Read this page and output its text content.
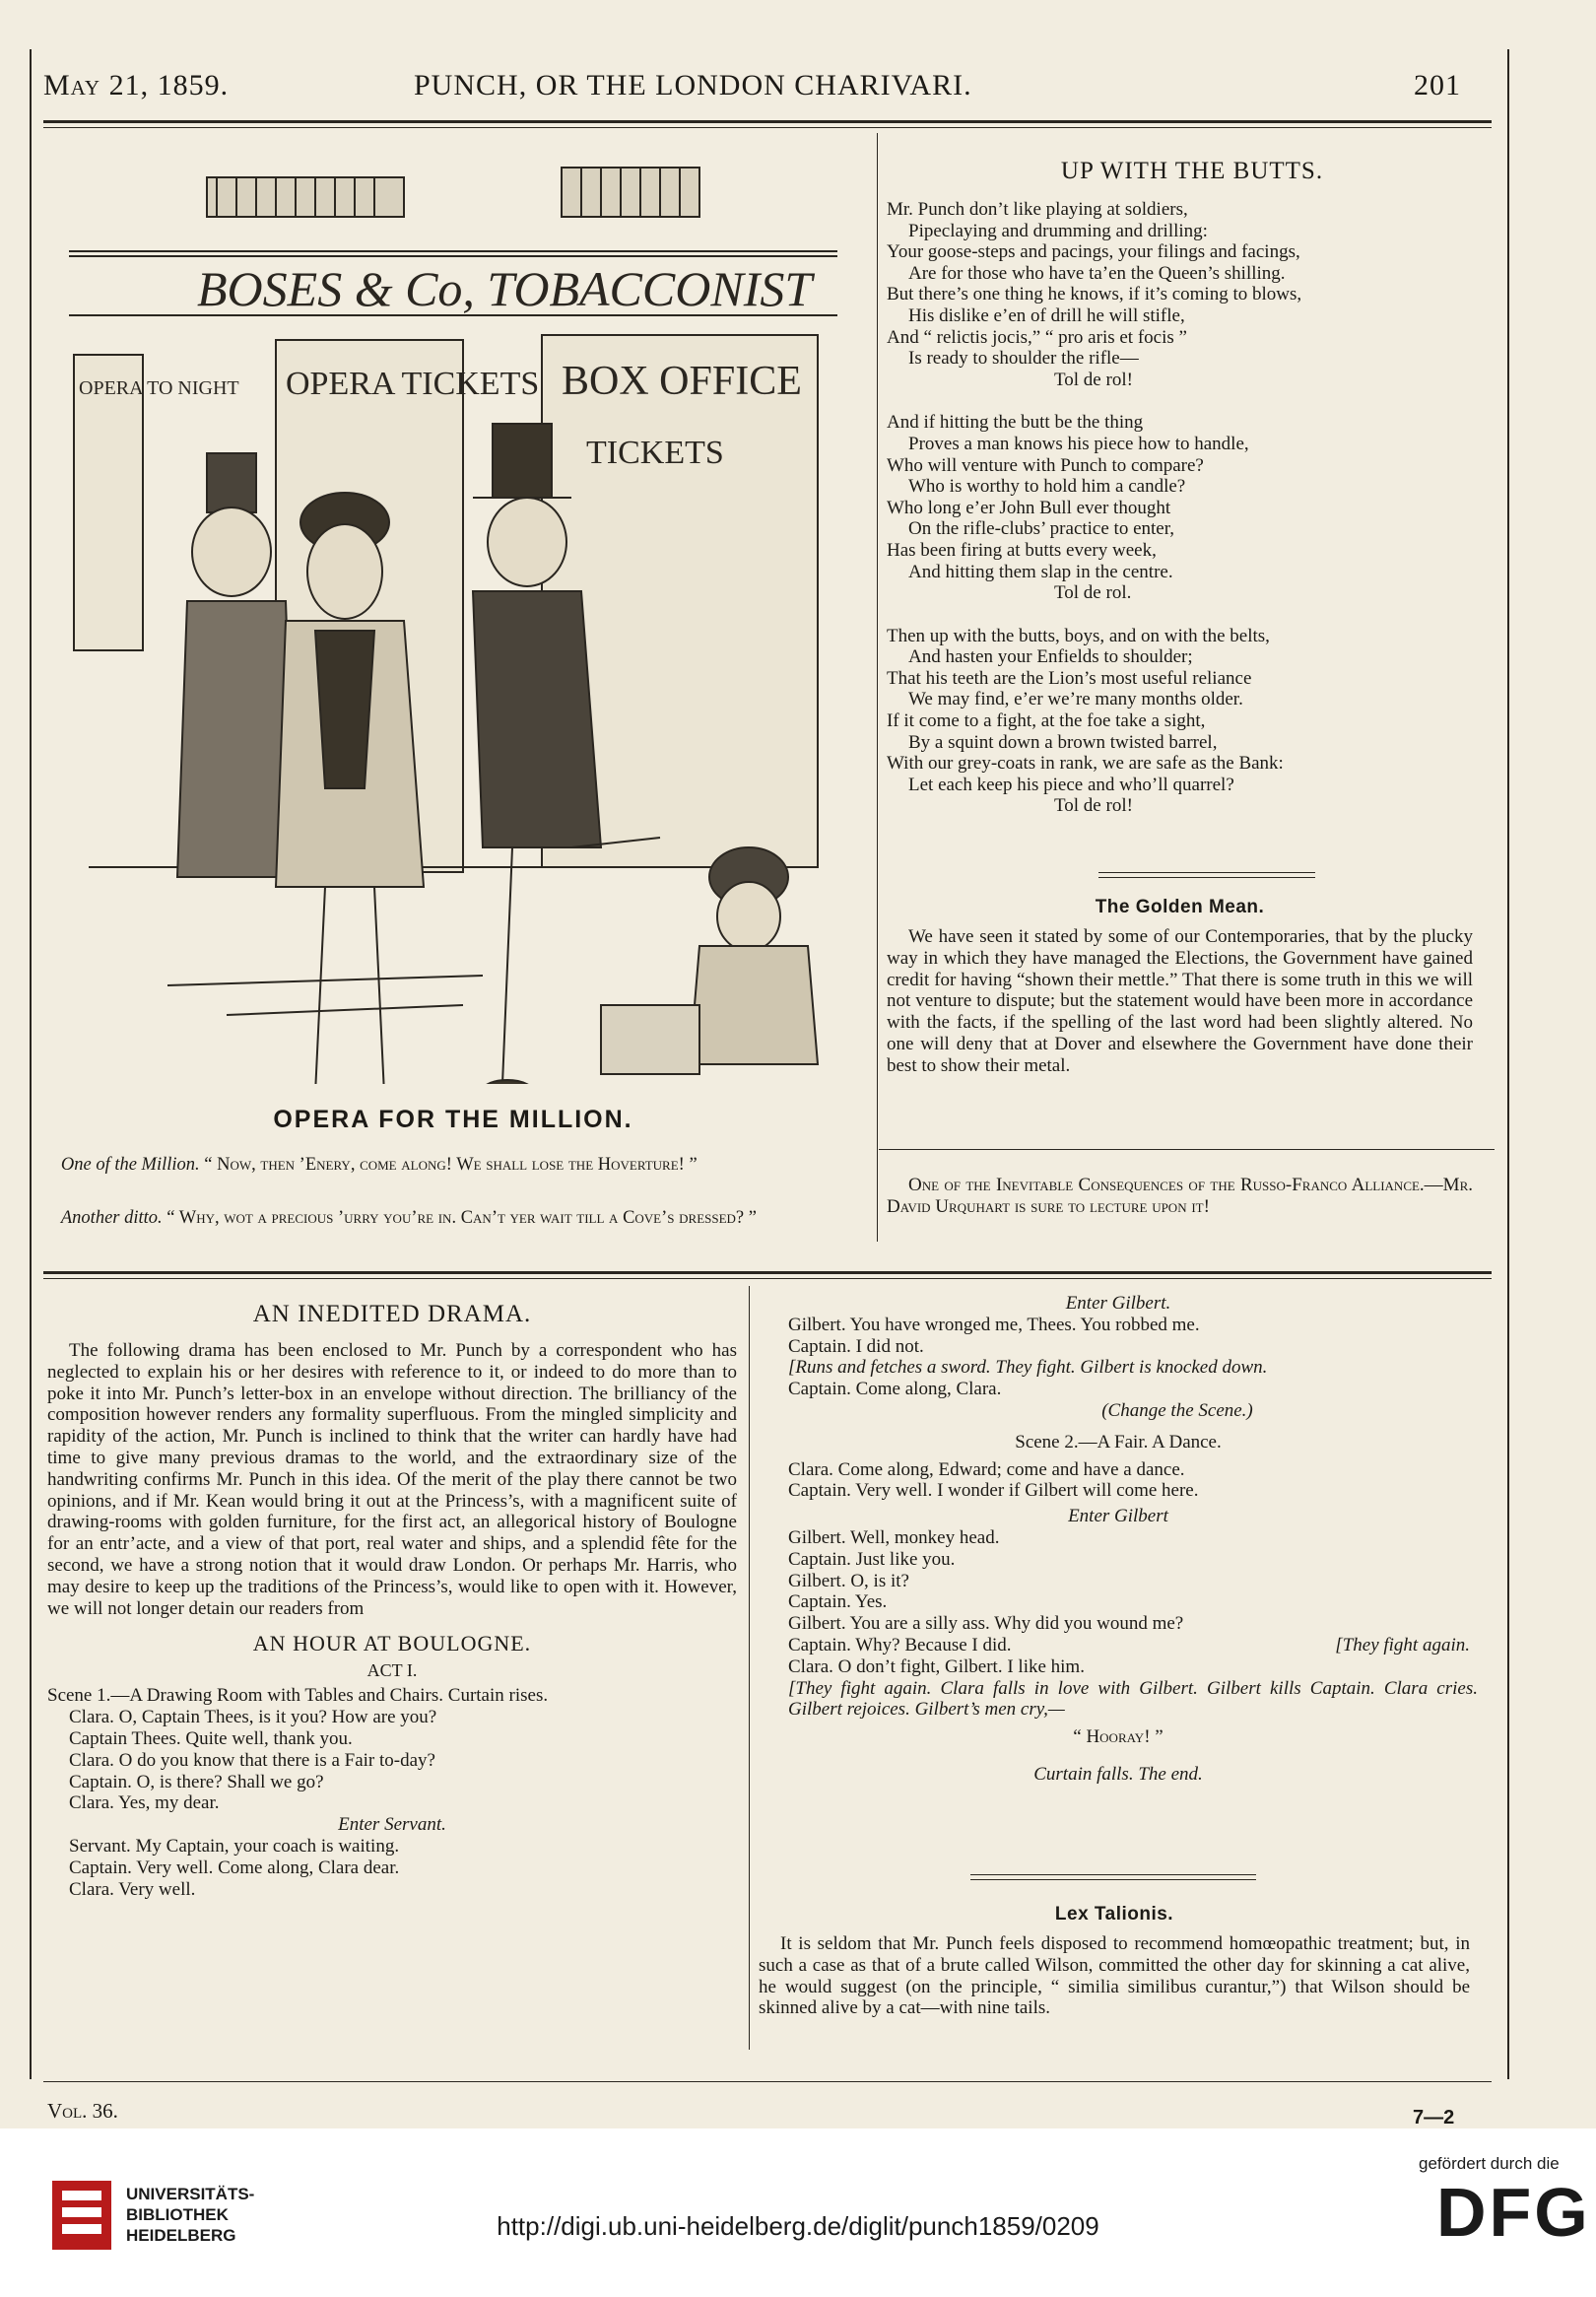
May 21, 1859.	PUNCH, OR THE LONDON CHARIVARI.	201
BOSES & Co, TOBACCONIST
OPERA TO NIGHT OPERA TICKETS BOX OFFICE
TICKETS
OPERA FOR THE MILLION.
One of the Million. “ Now, then ’Enery, come along! We shall lose the Hoverture! ”
Another ditto. “ Why, wot a precious ’urry you’re in. Can’t yer wait till a Cove’s dressed? ”
UP WITH THE BUTTS.

Mr. Punch don’t like playing at soldiers,

Pipeclaying and drumming and drilling:

Your goose-steps and pacings, your filings and facings,

Are for those who have ta’en the Queen’s shilling.

But there’s one thing he knows, if it’s coming to blows,

His dislike e’en of drill he will stifle,

And “ relictis jocis,” “ pro aris et focis ”

Is ready to shoulder the rifle—

Tol de rol!

And if hitting the butt be the thing

Proves a man knows his piece how to handle,

Who will venture with Punch to compare?

Who is worthy to hold him a candle?

Who long e’er John Bull ever thought

On the rifle-clubs’ practice to enter,

Has been firing at butts every week,

And hitting them slap in the centre.

Tol de rol.

Then up with the butts, boys, and on with the belts,

And hasten your Enfields to shoulder;

That his teeth are the Lion’s most useful reliance

We may find, e’er we’re many months older.

If it come to a fight, at the foe take a sight,

By a squint down a brown twisted barrel,

With our grey-coats in rank, we are safe as the Bank:

Let each keep his piece and who’ll quarrel?

Tol de rol!

The Golden Mean.

We have seen it stated by some of our Contemporaries, that by the plucky way in which they have managed the Elections, the Government have gained credit for having “shown their mettle.” That there is some truth in this we will not venture to dispute; but the statement would have been more in accordance with the facts, if the spelling of the last word had been slightly altered. No one will deny that at Dover and elsewhere the Government have done their best to show their metal.

One of the Inevitable Consequences of the Russo-Franco Alliance.—Mr. David Urquhart is sure to lecture upon it!
AN INEDITED DRAMA.

The following drama has been enclosed to Mr. Punch by a correspondent who has neglected to explain his or her desires with reference to it, or indeed to do more than to poke it into Mr. Punch’s letter-box in an envelope without direction. The brilliancy of the composition however renders any formality superfluous. From the mingled simplicity and rapidity of the action, Mr. Punch is inclined to think that the writer can hardly have had time to give many previous dramas to the world, and the extraordinary size of the handwriting confirms Mr. Punch in this idea. Of the merit of the play there cannot be two opinions, and if Mr. Kean would bring it out at the Princess’s, with a magnificent suite of drawing-rooms with golden furniture, for the first act, an allegorical history of Boulogne for an entr’acte, and a view of that port, real water and ships, and a splendid fête for the second, we have a strong notion that it would draw London. Or perhaps Mr. Harris, who may desire to keep up the traditions of the Princess’s, would like to open with it. However, we will not longer detain our readers from

AN HOUR AT BOULOGNE.
ACT I.

Scene 1.—A Drawing Room with Tables and Chairs. Curtain rises.

Clara. O, Captain Thees, is it you? How are you?

Captain Thees. Quite well, thank you.

Clara. O do you know that there is a Fair to-day?

Captain. O, is there? Shall we go?

Clara. Yes, my dear.

Enter Servant.

Servant. My Captain, your coach is waiting.

Captain. Very well. Come along, Clara dear.

Clara. Very well.

Enter Gilbert.

Gilbert. You have wronged me, Thees. You robbed me.

Captain. I did not.

[Runs and fetches a sword. They fight. Gilbert is knocked down.

Captain. Come along, Clara.

(Change the Scene.)

Scene 2.—A Fair. A Dance.

Clara. Come along, Edward; come and have a dance.

Captain. Very well. I wonder if Gilbert will come here.

Enter Gilbert

Gilbert. Well, monkey head.

Captain. Just like you.

Gilbert. O, is it?

Captain. Yes.

Gilbert. You are a silly ass. Why did you wound me?

Captain. Why? Because I did.	[They fight again.

Clara. O don’t fight, Gilbert. I like him.

[They fight again. Clara falls in love with Gilbert. Gilbert kills Captain. Clara cries. Gilbert rejoices. Gilbert’s men cry,—

“ Hooray! ”

Curtain falls. The end.

Lex Talionis.

It is seldom that Mr. Punch feels disposed to recommend homœopathic treatment; but, in such a case as that of a brute called Wilson, committed the other day for skinning a cat alive, he would suggest (on the principle, “ similia similibus curantur,”) that Wilson should be skinned alive by a cat—with nine tails.

Vol. 36.	7—2
UNIVERSITÄTS-
BIBLIOTHEK
HEIDELBERG	http://digi.ub.uni-heidelberg.de/diglit/punch1859/0209
gefördert durch die
DFG
